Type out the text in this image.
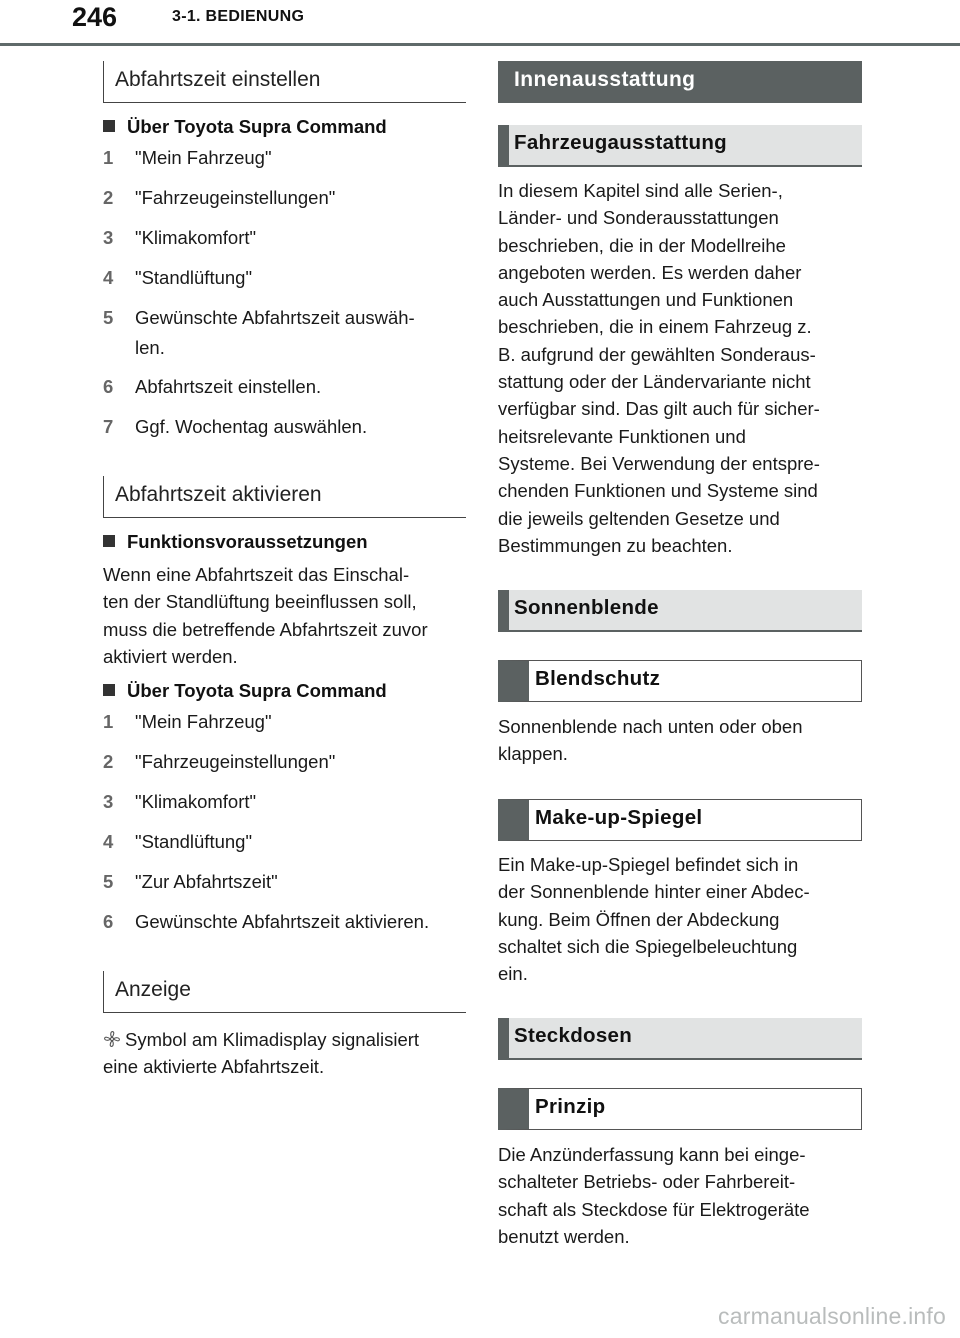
246	3-1. BEDIENUNG
Abfahrtszeit einstellen
Über Toyota Supra Command
1 "Mein Fahrzeug"
2 "Fahrzeugeinstellungen"
3 "Klimakomfort"
4 "Standlüftung"
5 Gewünschte Abfahrtszeit auswäh-
len.
6 Abfahrtszeit einstellen.
7 Ggf. Wochentag auswählen.
Abfahrtszeit aktivieren
Funktionsvoraussetzungen
Wenn eine Abfahrtszeit das Einschal-
ten der Standlüftung beeinflussen soll,
muss die betreffende Abfahrtszeit zuvor
aktiviert werden.
Über Toyota Supra Command
1 "Mein Fahrzeug"
2 "Fahrzeugeinstellungen"
3 "Klimakomfort"
4 "Standlüftung"
5 "Zur Abfahrtszeit"
6 Gewünschte Abfahrtszeit aktivieren.
Anzeige
Symbol am Klimadisplay signalisiert
eine aktivierte Abfahrtszeit.
Innenausstattung
Fahrzeugausstattung
In diesem Kapitel sind alle Serien-,
Länder- und Sonderausstattungen
beschrieben, die in der Modellreihe
angeboten werden. Es werden daher
auch Ausstattungen und Funktionen
beschrieben, die in einem Fahrzeug z.
B. aufgrund der gewählten Sonderaus-
stattung oder der Ländervariante nicht
verfügbar sind. Das gilt auch für sicher-
heitsrelevante Funktionen und
Systeme. Bei Verwendung der entspre-
chenden Funktionen und Systeme sind
die jeweils geltenden Gesetze und
Bestimmungen zu beachten.
Sonnenblende
Blendschutz
Sonnenblende nach unten oder oben
klappen.
Make-up-Spiegel
Ein Make-up-Spiegel befindet sich in
der Sonnenblende hinter einer Abdec-
kung. Beim Öffnen der Abdeckung
schaltet sich die Spiegelbeleuchtung
ein.
Steckdosen
Prinzip
Die Anzünderfassung kann bei einge-
schalteter Betriebs- oder Fahrbereit-
schaft als Steckdose für Elektrogeräte
benutzt werden.
carmanualsonline.info
